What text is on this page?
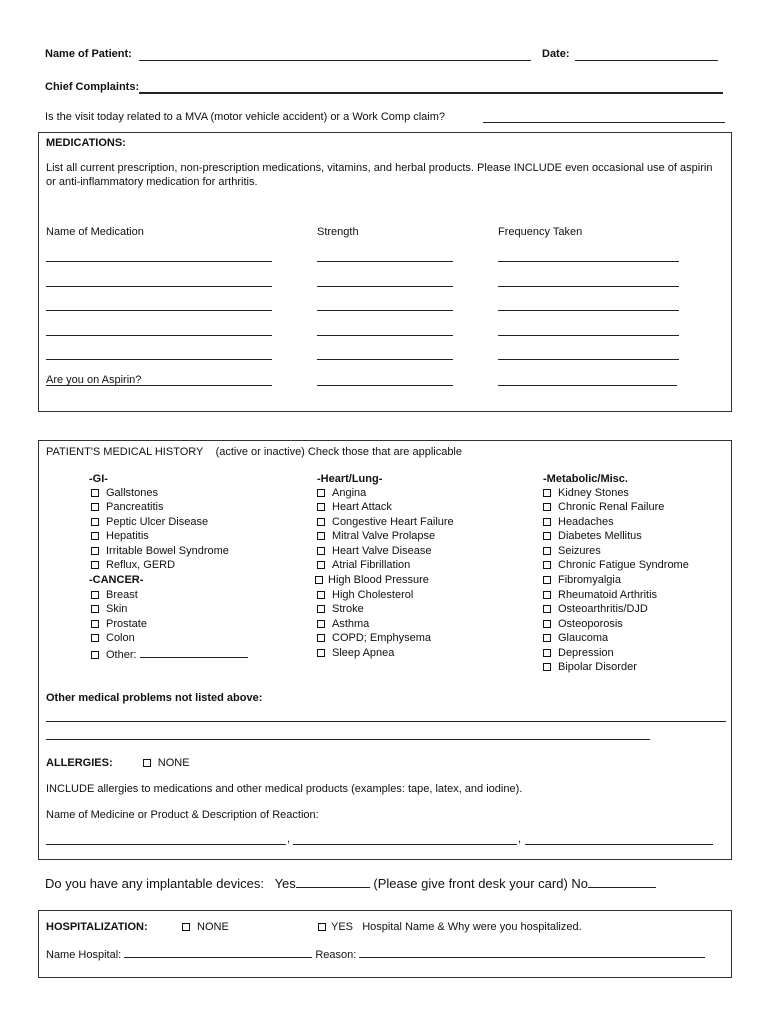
Name of Patient:	Date:
Chief Complaints:
Is the visit today related to a MVA (motor vehicle accident) or a Work Comp claim?
MEDICATIONS:
List all current prescription, non-prescription medications, vitamins, and herbal products. Please INCLUDE even occasional use of aspirin or anti-inflammatory medication for arthritis.
Name of Medication	Strength	Frequency Taken
Are you on Aspirin?
PATIENT'S MEDICAL HISTORY (active or inactive) Check those that are applicable
-GI-
Gallstones
Pancreatitis
Peptic Ulcer Disease
Hepatitis
Irritable Bowel Syndrome
Reflux, GERD
-CANCER-
Breast
Skin
Prostate
Colon
Other:
-Heart/Lung-
Angina
Heart Attack
Congestive Heart Failure
Mitral Valve Prolapse
Heart Valve Disease
Atrial Fibrillation
High Blood Pressure
High Cholesterol
Stroke
Asthma
COPD; Emphysema
Sleep Apnea
-Metabolic/Misc.
Kidney Stones
Chronic Renal Failure
Headaches
Diabetes Mellitus
Seizures
Chronic Fatigue Syndrome
Fibromyalgia
Rheumatoid Arthritis
Osteoarthritis/DJD
Osteoporosis
Glaucoma
Depression
Bipolar Disorder
Other medical problems not listed above:
ALLERGIES:	NONE
INCLUDE allergies to medications and other medical products (examples: tape, latex, and iodine).
Name of Medicine or Product & Description of Reaction:
,	,
Do you have any implantable devices: Yes	(Please give front desk your card) No
HOSPITALIZATION:	NONE	YES Hospital Name & Why were you hospitalized.
Name Hospital:	Reason:
